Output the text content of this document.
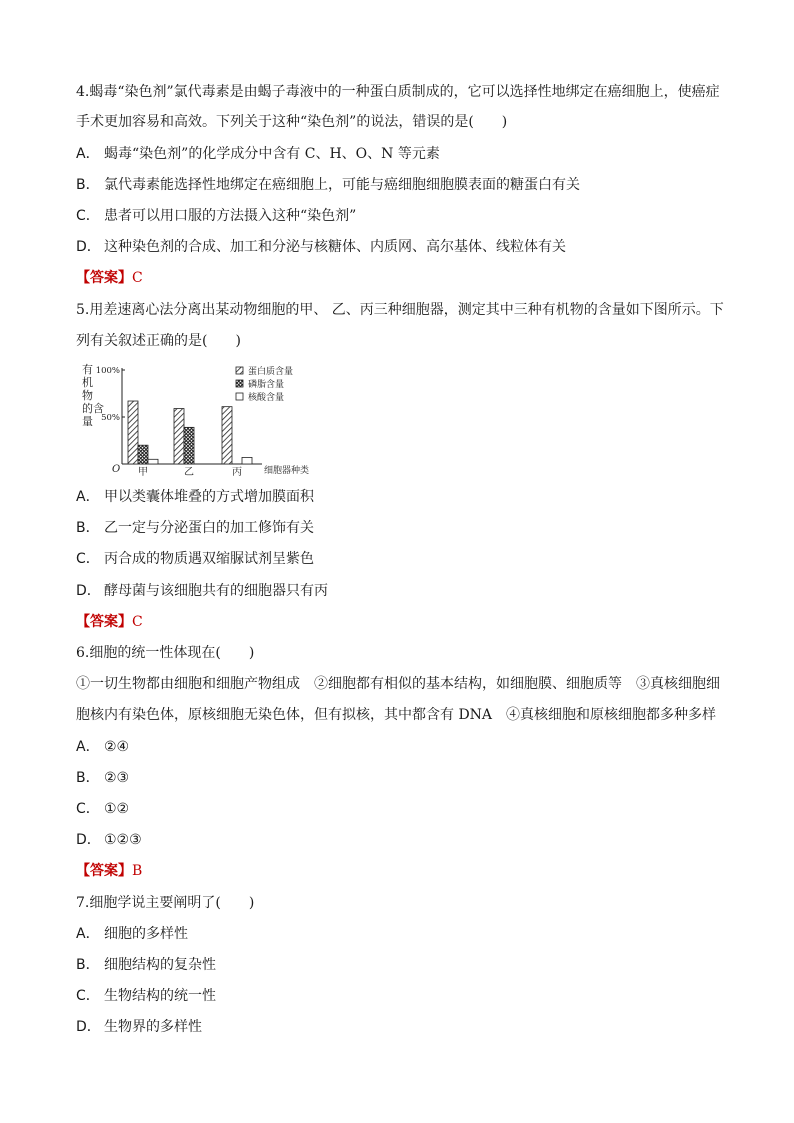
4.蝎毒“染色剂”氯代毒素是由蝎子毒液中的一种蛋白质制成的，它可以选择性地绑定在癌细胞上，使癌症
手术更加容易和高效。下列关于这种“染色剂”的说法，错误的是(　　)
A． 蝎毒“染色剂”的化学成分中含有 C、H、O、N 等元素
B． 氯代毒素能选择性地绑定在癌细胞上，可能与癌细胞细胞膜表面的糖蛋白有关
C． 患者可以用口服的方法摄入这种“染色剂”
D． 这种染色剂的合成、加工和分泌与核糖体、内质网、高尔基体、线粒体有关
【答案】C
5.用差速离心法分离出某动物细胞的甲、 乙、丙三种细胞器，测定其中三种有机物的含量如下图所示。下
列有关叙述正确的是(　　)
100%
50%
有
机
物
的含
量
O	细胞器种类
甲	乙	丙
蛋白质含量
磷脂含量
核酸含量
A． 甲以类囊体堆叠的方式增加膜面积
B． 乙一定与分泌蛋白的加工修饰有关
C． 丙合成的物质遇双缩脲试剂呈紫色
D． 酵母菌与该细胞共有的细胞器只有丙
【答案】C
6.细胞的统一性体现在(　　)
①一切生物都由细胞和细胞产物组成　②细胞都有相似的基本结构，如细胞膜、细胞质等　③真核细胞细
胞核内有染色体，原核细胞无染色体，但有拟核，其中都含有 DNA　④真核细胞和原核细胞都多种多样
A． ②④
B． ②③
C． ①②
D． ①②③
【答案】B
7.细胞学说主要阐明了(　　)
A． 细胞的多样性
B． 细胞结构的复杂性
C． 生物结构的统一性
D． 生物界的多样性
